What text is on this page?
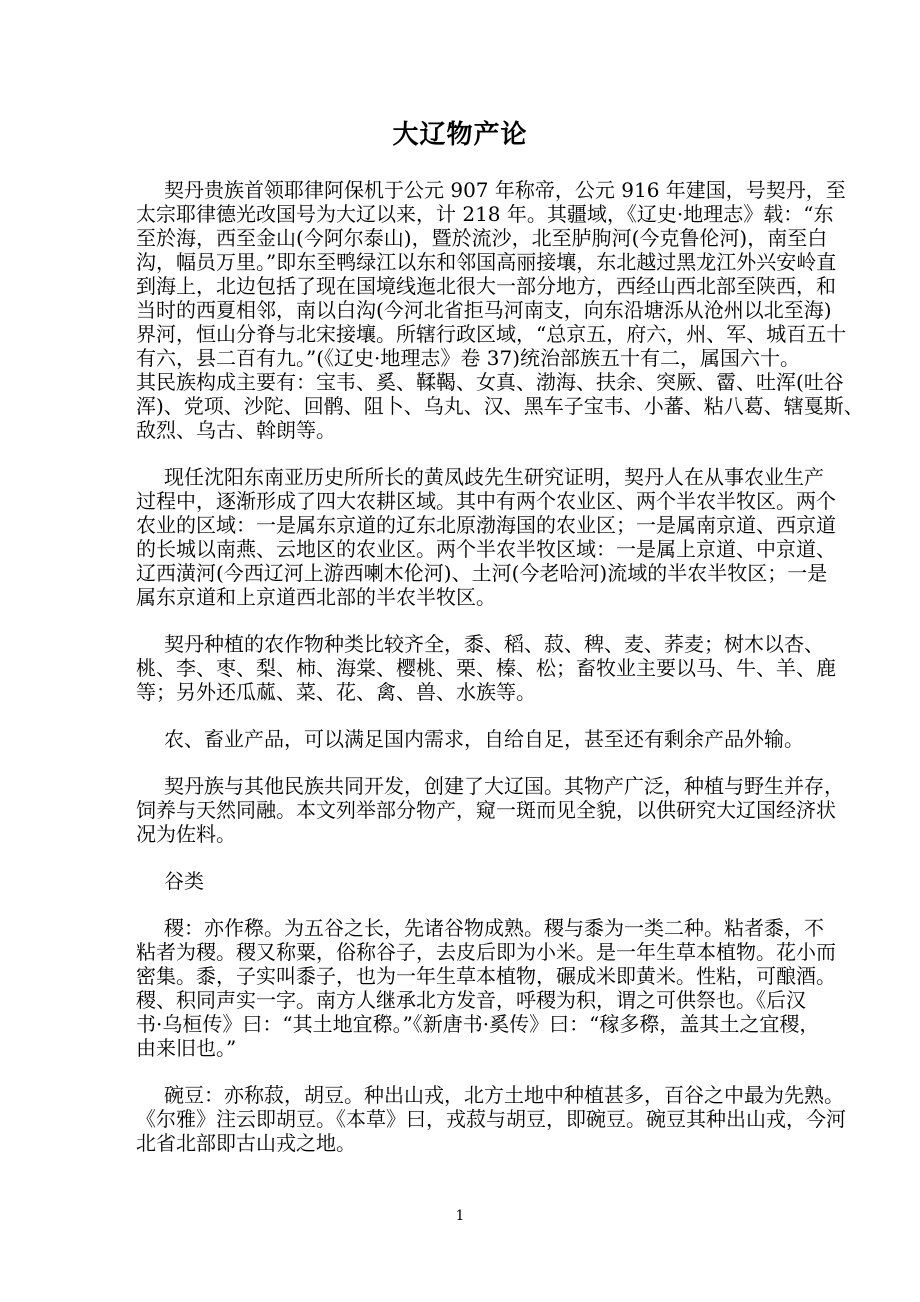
大辽物产论
契丹贵族首领耶律阿保机于公元 907 年称帝，公元 916 年建国，号契丹，至
太宗耶律德光改国号为大辽以来，计 218 年。其疆域，《辽史·地理志》载：“东
至於海，西至金山(今阿尔泰山)，暨於流沙，北至胪朐河(今克鲁伦河)，南至白
沟，幅员万里。”即东至鸭绿江以东和邻国高丽接壤，东北越过黑龙江外兴安岭直
到海上，北边包括了现在国境线迤北很大一部分地方，西经山西北部至陕西，和
当时的西夏相邻，南以白沟(今河北省拒马河南支，向东沿塘泺从沧州以北至海)
界河，恒山分脊与北宋接壤。所辖行政区域，“总京五，府六，州、军、城百五十
有六，县二百有九。”(《辽史·地理志》卷 37)统治部族五十有二，属国六十。
其民族构成主要有：宝韦、奚、鞣鞨、女真、渤海、扶余、突厥、霤、吐浑(吐谷
浑)、党项、沙陀、回鹘、阻卜、乌丸、汉、黑车子宝韦、小蕃、粘八葛、辖戛斯、
敌烈、乌古、斡朗等。
现任沈阳东南亚历史所所长的黄凤歧先生研究证明，契丹人在从事农业生产
过程中，逐渐形成了四大农耕区域。其中有两个农业区、两个半农半牧区。两个
农业的区域：一是属东京道的辽东北原渤海国的农业区；一是属南京道、西京道
的长城以南燕、云地区的农业区。两个半农半牧区域：一是属上京道、中京道、
辽西潢河(今西辽河上游西喇木伦河)、土河(今老哈河)流域的半农半牧区；一是
属东京道和上京道西北部的半农半牧区。
契丹种植的农作物种类比较齐全，黍、稻、菽、稗、麦、荞麦；树木以杏、
桃、李、枣、梨、柿、海棠、樱桃、栗、榛、松；畜牧业主要以马、牛、羊、鹿
等；另外还瓜蓏、菜、花、禽、兽、水族等。
农、畜业产品，可以满足国内需求，自给自足，甚至还有剩余产品外输。
契丹族与其他民族共同开发，创建了大辽国。其物产广泛，种植与野生并存，
饲养与天然同融。本文列举部分物产，窥一斑而见全貌，以供研究大辽国经济状
况为佐料。
谷类
稷：亦作穄。为五谷之长，先诸谷物成熟。稷与黍为一类二种。粘者黍，不
粘者为稷。稷又称粟，俗称谷子，去皮后即为小米。是一年生草本植物。花小而
密集。黍，子实叫黍子，也为一年生草本植物，碾成米即黄米。性粘，可酿酒。
稷、积同声实一字。南方人继承北方发音，呼稷为积，谓之可供祭也。《后汉
书·乌桓传》曰：“其土地宜穄。”《新唐书·奚传》曰：“稼多穄，盖其土之宜稷，
由来旧也。”
碗豆：亦称菽，胡豆。种出山戎，北方土地中种植甚多，百谷之中最为先熟。
《尔雅》注云即胡豆。《本草》曰，戎菽与胡豆，即碗豆。碗豆其种出山戎，今河
北省北部即古山戎之地。
1
